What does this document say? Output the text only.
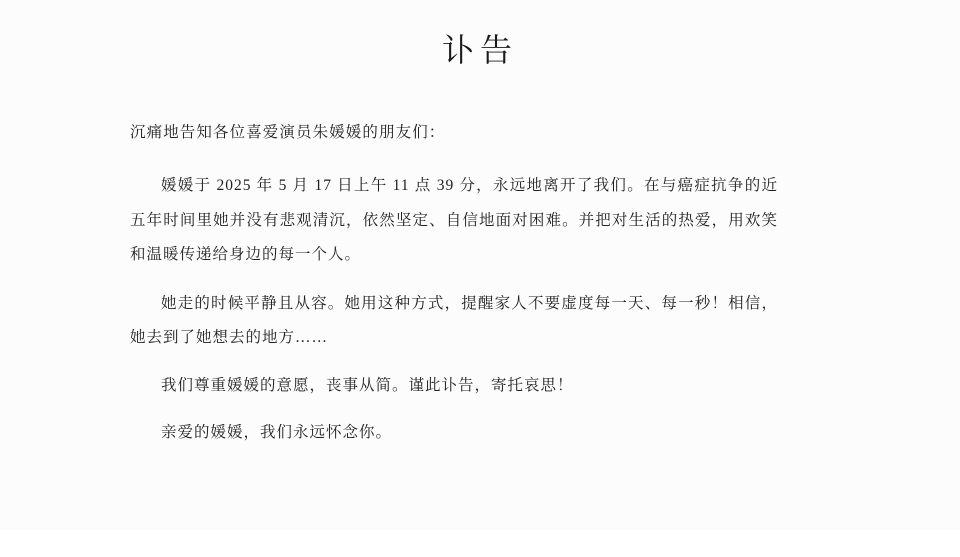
讣告

沉痛地告知各位喜爱演员朱媛媛的朋友们：

媛媛于 2025 年 5 月 17 日上午 11 点 39 分，永远地离开了我们。在与癌症抗争的近五年时间里她并没有悲观清沉，依然坚定、自信地面对困难。并把对生活的热爱，用欢笑和温暖传递给身边的每一个人。

她走的时候平静且从容。她用这种方式，提醒家人不要虚度每一天、每一秒！相信，她去到了她想去的地方……

我们尊重媛媛的意愿，丧事从简。谨此讣告，寄托哀思！

亲爱的媛媛，我们永远怀念你。
